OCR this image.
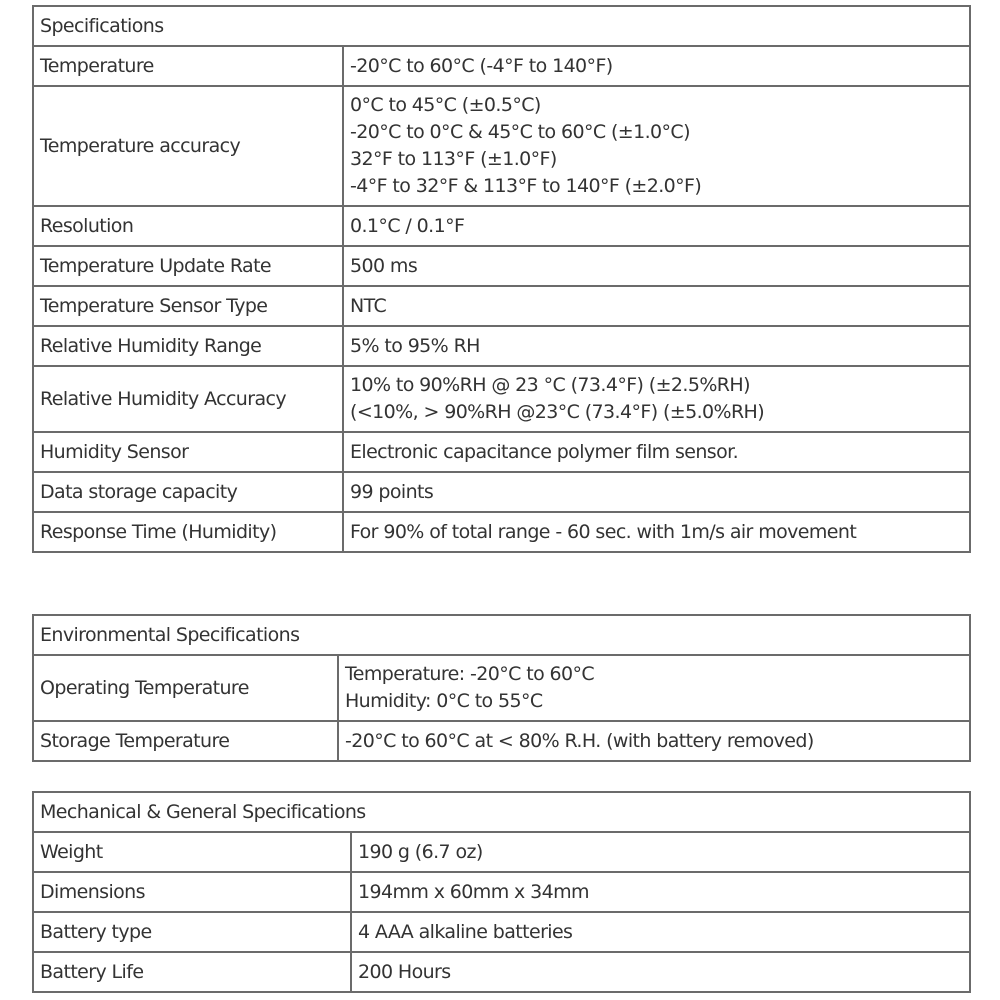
Specifications	
Temperature	-20°C to 60°C (-4°F to 140°F)

Temperature accuracy	0°C to 45°C (±0.5°C)
-20°C to 0°C & 45°C to 60°C (±1.0°C)
32°F to 113°F (±1.0°F)
-4°F to 32°F & 113°F to 140°F (±2.0°F)

Resolution	0.1°C / 0.1°F

Temperature Update Rate	500 ms

Temperature Sensor Type	NTC

Relative Humidity Range	5% to 95% RH

Relative Humidity Accuracy	10% to 90%RH @ 23 °C (73.4°F) (±2.5%RH)
(<10%, > 90%RH @23°C (73.4°F) (±5.0%RH)

Humidity Sensor	Electronic capacitance polymer film sensor.

Data storage capacity	99 points

Response Time (Humidity)	For 90% of total range - 60 sec. with 1m/s air movement
Environmental Specifications	
Operating Temperature	Temperature: -20°C to 60°C
Humidity: 0°C to 55°C

Storage Temperature	-20°C to 60°C at < 80% R.H. (with battery removed)
Mechanical & General Specifications	
Weight	190 g (6.7 oz)

Dimensions	194mm x 60mm x 34mm

Battery type	4 AAA alkaline batteries

Battery Life	200 Hours
